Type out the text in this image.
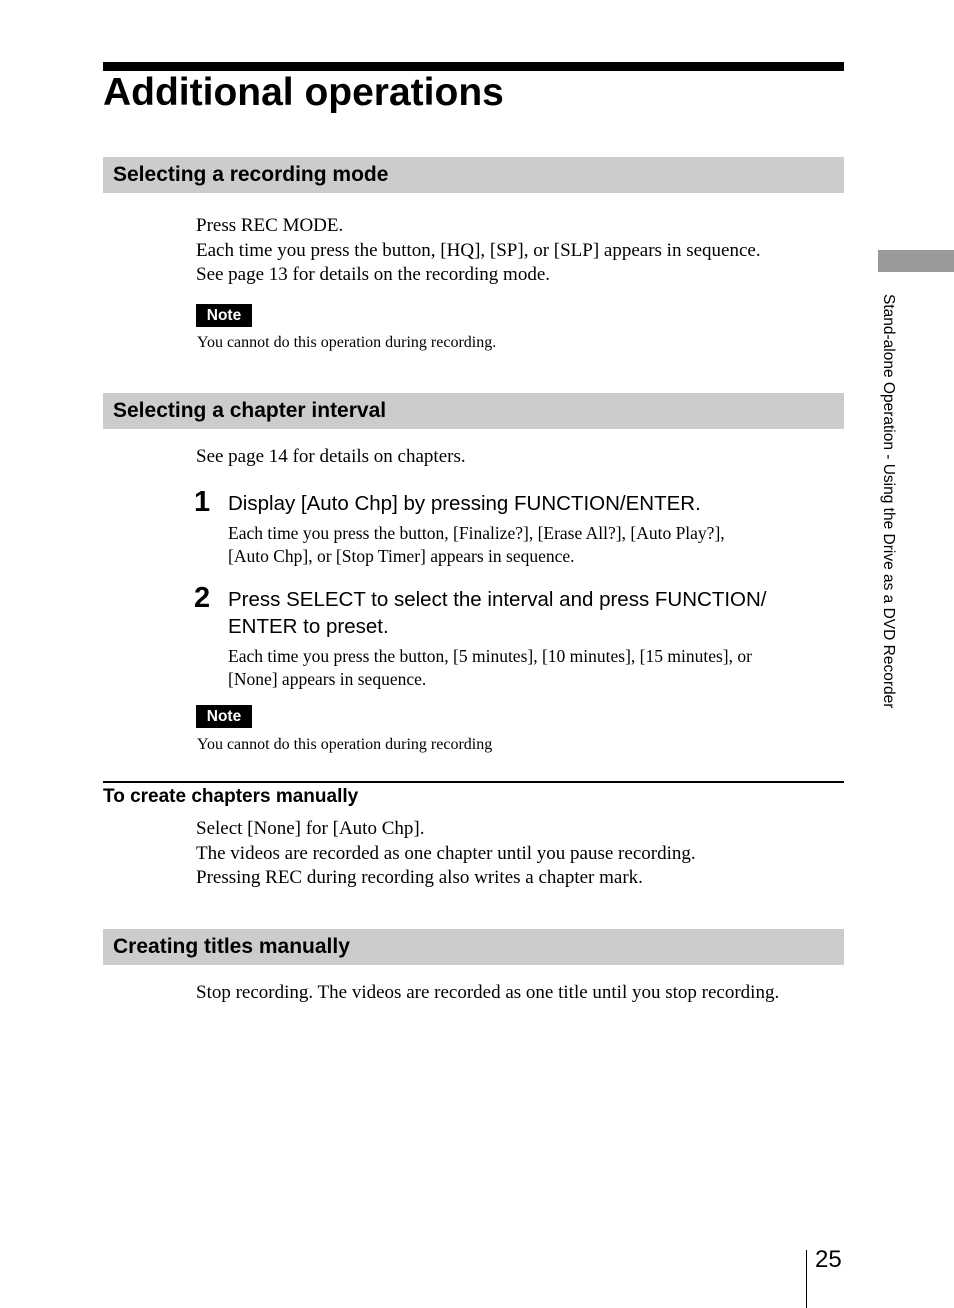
Additional operations
Selecting a recording mode
Press REC MODE.
Each time you press the button, [HQ], [SP], or [SLP] appears in sequence.
See page 13 for details on the recording mode.
Note
You cannot do this operation during recording.
Selecting a chapter interval
See page 14 for details on chapters.
1 Display [Auto Chp] by pressing FUNCTION/ENTER.
Each time you press the button, [Finalize?], [Erase All?], [Auto Play?],
[Auto Chp], or [Stop Timer] appears in sequence.
2 Press SELECT to select the interval and press FUNCTION/
ENTER to preset.
Each time you press the button, [5 minutes], [10 minutes], [15 minutes], or
[None] appears in sequence.
Note
You cannot do this operation during recording
To create chapters manually
Select [None] for [Auto Chp].
The videos are recorded as one chapter until you pause recording.
Pressing REC during recording also writes a chapter mark.
Creating titles manually
Stop recording. The videos are recorded as one title until you stop recording.
Stand-alone Operation - Using the Drive as a DVD Recorder
25
